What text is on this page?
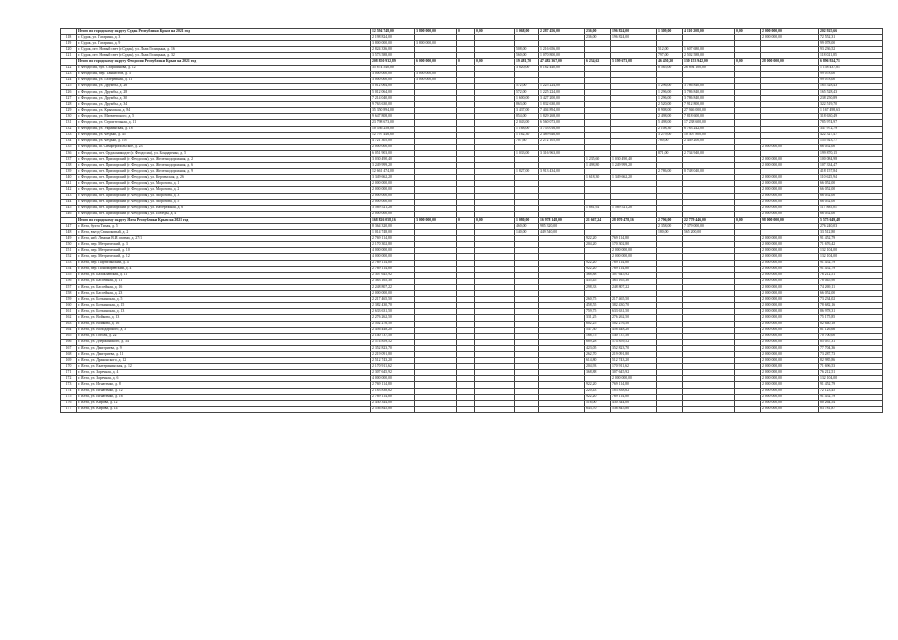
	Итого по городскому округу Судак Республики Крым на 2021 год	12 594 748,00	3 800 000,00	0	0,00	1 068,00	2 287 456,00	236,00	196 824,00	1 309,00	4 110 208,00	0,00	2 000 000,00	202 925,66
118	г. Судак, ул. Гагарина, д. 3	2 198 824,00						236,00	196 824,00				2 000 000,00	72 552,31
119	г. Судак, ул. Гагарина, д. 9	3 800 000,00	3 800 000,00											99 078,00
120	г. Судак, пгт. Новый свет (г.Судак), ул. Льва Голицына, д. 16	2 824 336,00				508,00	1 216 656,00			512,00	1 607 680,00			93 236,52
121	г. Судак, пгт. Новый свет (г.Судак), ул. Льва Голицына, д. 32	3 573 588,00				560,00	1 070 800,00			797,00	2 502 588,00			118 021,85
	Итого по городскому округу Феодосия Республики Крым на 2021 год	208 850 932,89	6 000 000,00	0	0,00	19 481,70	47 482 367,00	6 234,62	5 199 673,08	46 450,20	130 153 942,00	0,00	28 000 000,00	6 896 924,71
122	г. Феодосия, бул. Старшинова, д. 12	35 874 540,00				3 820,00	8 182 440,00			8 565,00	26 894 100,00			1 158 437,81
123	г. Феодосия, пер. Танкистов, д. 3	3 000 000,00	3 000 000,00											99 078,00
124	г. Феодосия, ул. Галерейная, д. 11	3 000 000,00	3 000 000,00											99 078,00
125	г. Феодосия, ул. Дружбы, д. 26	5 012 064,00				572,00	1 225 224,00			1 296,00	3 786 840,00			165 528,43
126	г. Феодосия, ул. Дружбы, д. 28	5 012 064,00				572,00	1 225 224,00			1 296,00	3 786 840,00			165 528,43
127	г. Феодосия, ул. Дружбы, д. 30	7 214 040,00				1 600,00	3 427 200,00			1 296,00	3 786 840,00			238 250,89
128	г. Феодосия, ул. Дружбы, д. 34	9 763 630,00				863,00	1 832 630,00			2 520,00	7 912 800,00			322 519,70
129	г. Феодосия, ул. Крымская, д. 84	35 350 894,00				3 437,00	7 404 894,00			8 908,00	27 946 000,00			1 167 498,63
130	г. Феодосия, ул. Матвеевского, д. 5	9 647 808,00				854,00	1 829 268,00			2 498,00	7 818 600,00			318 630,49
131	г. Феодосия, ул. Строительная, д. 11	23 798 673,00				2 043,00	6 560 073,00			5 498,00	17 238 600,00			785 974,97
132	г. Феодосия, ул. Украинская, д. 18	10 536 258,00				1 168,00	3 753 016,00			2 108,30	6 783 242,00			347 972,79
133	г. Феодосия, ул. Федько, д. 45	12 797 446,60				1 162,30	2 489 646,60			3 279,00	10 307 800,00			422 327,47
134	г. Феодосия, ул. Федько, д. 107	4 721 305,00				707,60	2 272 105,00			780,00	2 449 200,00			155 923,77
135	г. Феодосия, ш. Симферопольское, д. 23	2 000 000,00											2 000 000,00	66 052,00
136	г. Феодосия, пгт. Орджоникидзе (г. Феодосия), ул. Бондаренко, д. 5	6 051 903,00				1 033,00	3 316 963,00			871,00	2 734 940,00			199 870,15
137	г. Феодосия, пгт. Приморский (г. Феодосия), ул. Железнодорожная, д. 2	3 030 490,40						1 235,60	1 030 490,40				2 000 000,00	100 084,98
138	г. Феодосия, пгт. Приморский (г. Феодосия), ул. Железнодорожная, д. 6	3 249 999,20						1 498,80	1 249 999,20				2 000 000,00	107 334,47
139	г. Феодосия, пгт. Приморский (г. Феодосия), ул. Железнодорожная, д. 9	12 661 474,00				1 827,00	3 913 434,00			2 786,00	8 748 040,00			418 157,84
140	г. Феодосия, пгт. Приморский (г. Феодосия), ул. Керченская, д. 26	3 349 662,20						1 618,30	1 349 662,20				2 000 000,00	110 625,94
141	г. Феодосия, пгт. Приморский (г. Феодосия), ул. Морозова, д. 1	2 000 000,00											2 000 000,00	66 052,00
142	г. Феодосия, пгт. Приморский (г. Феодосия), ул. Морозова, д. 2	2 000 000,00											2 000 000,00	66 052,00
143	г. Феодосия, пгт. Приморский (г. Феодосия), ул. Морозова, д. 3	2 000 000,00											2 000 000,00	66 052,00
144	г. Феодосия, пгт. Приморский (г. Феодосия), ул. Морозова, д. 5	2 000 000,00											2 000 000,00	66 052,00
145	г. Феодосия, пгт. Приморский (г. Феодосия), ул. Набережная, д. 6	3 569 521,28						1 881,92	1 569 521,28				2 000 000,00	117 885,01
146	г. Феодосия, пгт. Приморский (г. Феодосия), ул. Победы, д. 4	2 000 000,00											2 000 000,00	66 052,00
	Итого по городскому округу Ялта Республики Крым на 2021 год	168 826 058,16	3 000 000,00	0	0,00	1 080,00	16 978 148,00	21 667,24	28 070 478,16	2 796,00	22 779 446,00	0,00	98 000 000,00	5 575 649,48
147	г. Ялта, бухта Тихая, д. 5	8 364 320,00				460,00	985 320,00			2 358,00	7 379 000,00			276 240,03
148	г. Ялта, въезд Свиноковый, д. 2	1 014 748,00				140,00	449 540,00			180,00	565 200,00			33 512,80
149	г. Ялта, наб. Ленина В.И. имени, д. 27/1	2 769 114,80						922,20	769 114,80				2 000 000,00	91 452,79
150	г. Ялта, пер. Метрический, д. 3	2 170 302,80						204,20	170 302,80				2 000 000,00	71 676,42
151	г. Ялта, пер. Метрический, д. 10	4 000 000,00							2 000 000,00				2 000 000,00	132 104,00
152	г. Ялта, пер. Метрический, д. 12	4 000 000,00							2 000 000,00				2 000 000,00	132 104,00
153	г. Ялта, пер. Партизанский, д. 4	2 769 114,80						922,20	769 114,80				2 000 000,00	91 452,79
154	г. Ялта, пер. Пономаревский, д. 4	2 769 114,80						922,20	769 114,80				2 000 000,00	91 452,79
155	г. Ялта, ул. Балаклавская, д. 11	2 307 645,92						368,88	307 645,92				2 000 000,00	76 212,51
156	г. Ялта, ул. Бассейная, д. 11	2 363 165,30						435,45	363 165,30				2 000 000,00	78 045,90
157	г. Ялта, ул. Бассейная, д. 16	2 248 807,22						298,33	248 807,22				2 000 000,00	74 269,11
158	г. Ялта, ул. Бассейная, д. 23	2 000 000,00											2 000 000,00	66 052,00
159	г. Ялта, ул. Боткинская, д. 5	2 217 465,50						260,75	217 465,50				2 000 000,00	73 234,02
160	г. Ялта, ул. Боткинская, д. 15	2 382 430,70						458,55	382 430,70				2 000 000,00	78 682,16
161	г. Ялта, ул. Боткинская, д. 13	2 633 631,50						759,75	633 631,50				2 000 000,00	86 978,31
162	г. Ялта, ул. Войкова, д. 13	2 276 262,50						331,25	276 262,50				2 000 000,00	75 175,85
163	г. Ялта, ул. Войкова, д. 16	2 502 276,50						602,25	502 276,50				2 000 000,00	82 640,18
164	г. Ялта, ул. Володарского, д. 3	2 456 448,20						547,30	456 448,20				2 000 000,00	81 126,66
165	г. Ялта, ул. Гоголя, д. 22	2 140 737,50						168,75	140 737,50				2 000 000,00	70 700,00
166	г. Ялта, ул. Дзержинского, д. 34	2 574 859,52						689,28	574 859,52				2 000 000,00	85 037,31
167	г. Ялта, ул. Дмитриева, д. 9	2 352 823,70						423,05	352 823,70				2 000 000,00	77 704,36
168	г. Ялта, ул. Дмитриева, д. 11	2 219 091,80						262,70	219 091,80				2 000 000,00	73 287,73
169	г. Ялта, ул. Драконского, д. 12	2 512 743,20						614,80	512 743,20				2 000 000,00	82 985,86
170	г. Ялта, ул. Екатерининская, д. 12	2 170 911,62						204,93	170 911,62				2 000 000,00	71 696,53
171	г. Ялта, ул. Заречная, д. 4	2 307 645,92						368,88	307 645,92				2 000 000,00	76 212,51
172	г. Ялта, ул. Заречная, д. 6	4 000 000,00							2 000 000,00				2 000 000,00	132 104,00
173	г. Ялта, ул. Игнатенко, д. 8	2 769 114,80						922,20	769 114,80				2 000 000,00	91 452,79
174	г. Ялта, ул. Игнатенко, д. 12	2 183 838,62						220,43	183 838,62				2 000 000,00	72 123,45
175	г. Ялта, ул. Игнатенко, д. 16	2 769 114,80						922,20	769 114,80				2 000 000,00	91 452,79
176	г. Ялта, ул. Кирова, д. 12	2 430 344,00						516,00	430 344,00				2 000 000,00	80 264,54
177	г. Ялта, ул. Кирова, д. 14	2 536 845,80						643,70	536 845,80				2 000 000,00	83 781,87
